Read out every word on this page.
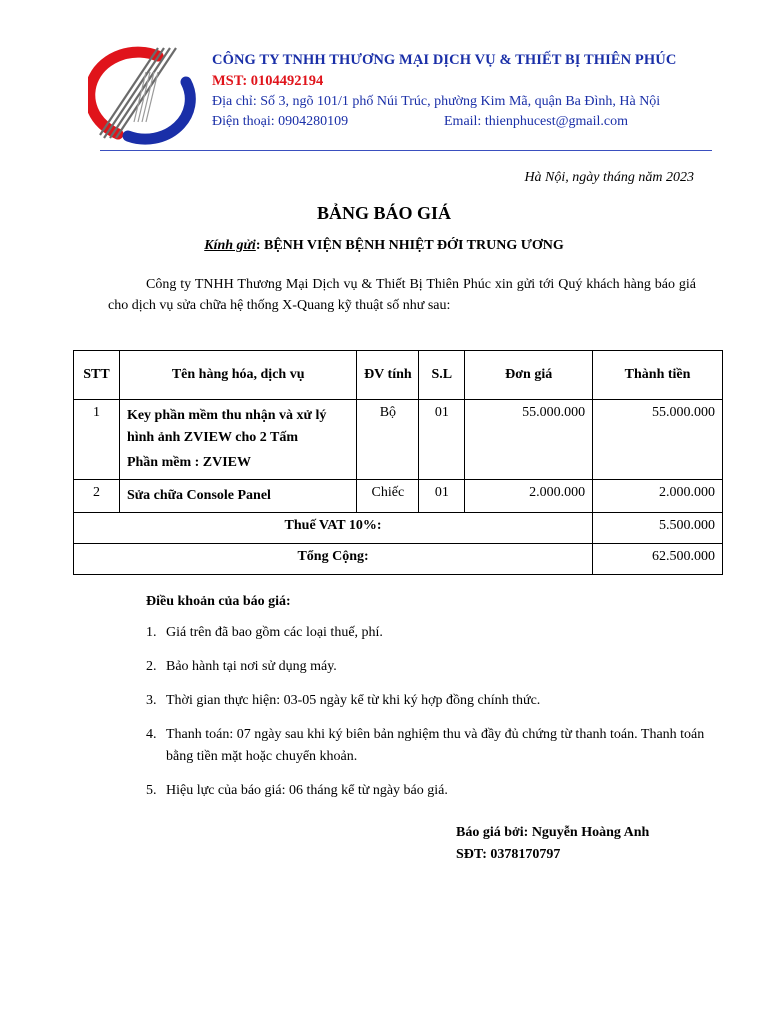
CÔNG TY TNHH THƯƠNG MẠI DỊCH VỤ & THIẾT BỊ THIÊN PHÚC
MST: 0104492194
Địa chỉ: Số 3, ngõ 101/1 phố Núi Trúc, phường Kim Mã, quận Ba Đình, Hà Nội
Điện thoại: 0904280109	Email: thienphucest@gmail.com
Hà Nội, ngày tháng năm 2023
BẢNG BÁO GIÁ
Kính gửi: BỆNH VIỆN BỆNH NHIỆT ĐỚI TRUNG ƯƠNG

Công ty TNHH Thương Mại Dịch vụ & Thiết Bị Thiên Phúc xin gửi tới Quý khách hàng báo giá cho dịch vụ sửa chữa hệ thống X-Quang kỹ thuật số như sau:

STT	Tên hàng hóa, dịch vụ	ĐV tính	S.L	Đơn giá	Thành tiền
1	Key phần mềm thu nhận và xử lý hình ảnh ZVIEW cho 2 Tấm
Phần mềm : ZVIEW	Bộ	01	55.000.000	55.000.000
2	Sửa chữa Console Panel	Chiếc	01	2.000.000	2.000.000
Thuế VAT 10%:					5.500.000
Tổng Cộng:					62.500.000
Điều khoản của báo giá:
1. Giá trên đã bao gồm các loại thuế, phí.
2. Bảo hành tại nơi sử dụng máy.
3. Thời gian thực hiện: 03-05 ngày kể từ khi ký hợp đồng chính thức.
4. Thanh toán: 07 ngày sau khi ký biên bản nghiệm thu và đầy đủ chứng từ thanh toán. Thanh toán bằng tiền mặt hoặc chuyển khoản.
5. Hiệu lực của báo giá: 06 tháng kể từ ngày báo giá.
Báo giá bởi: Nguyễn Hoàng Anh
SĐT: 0378170797
